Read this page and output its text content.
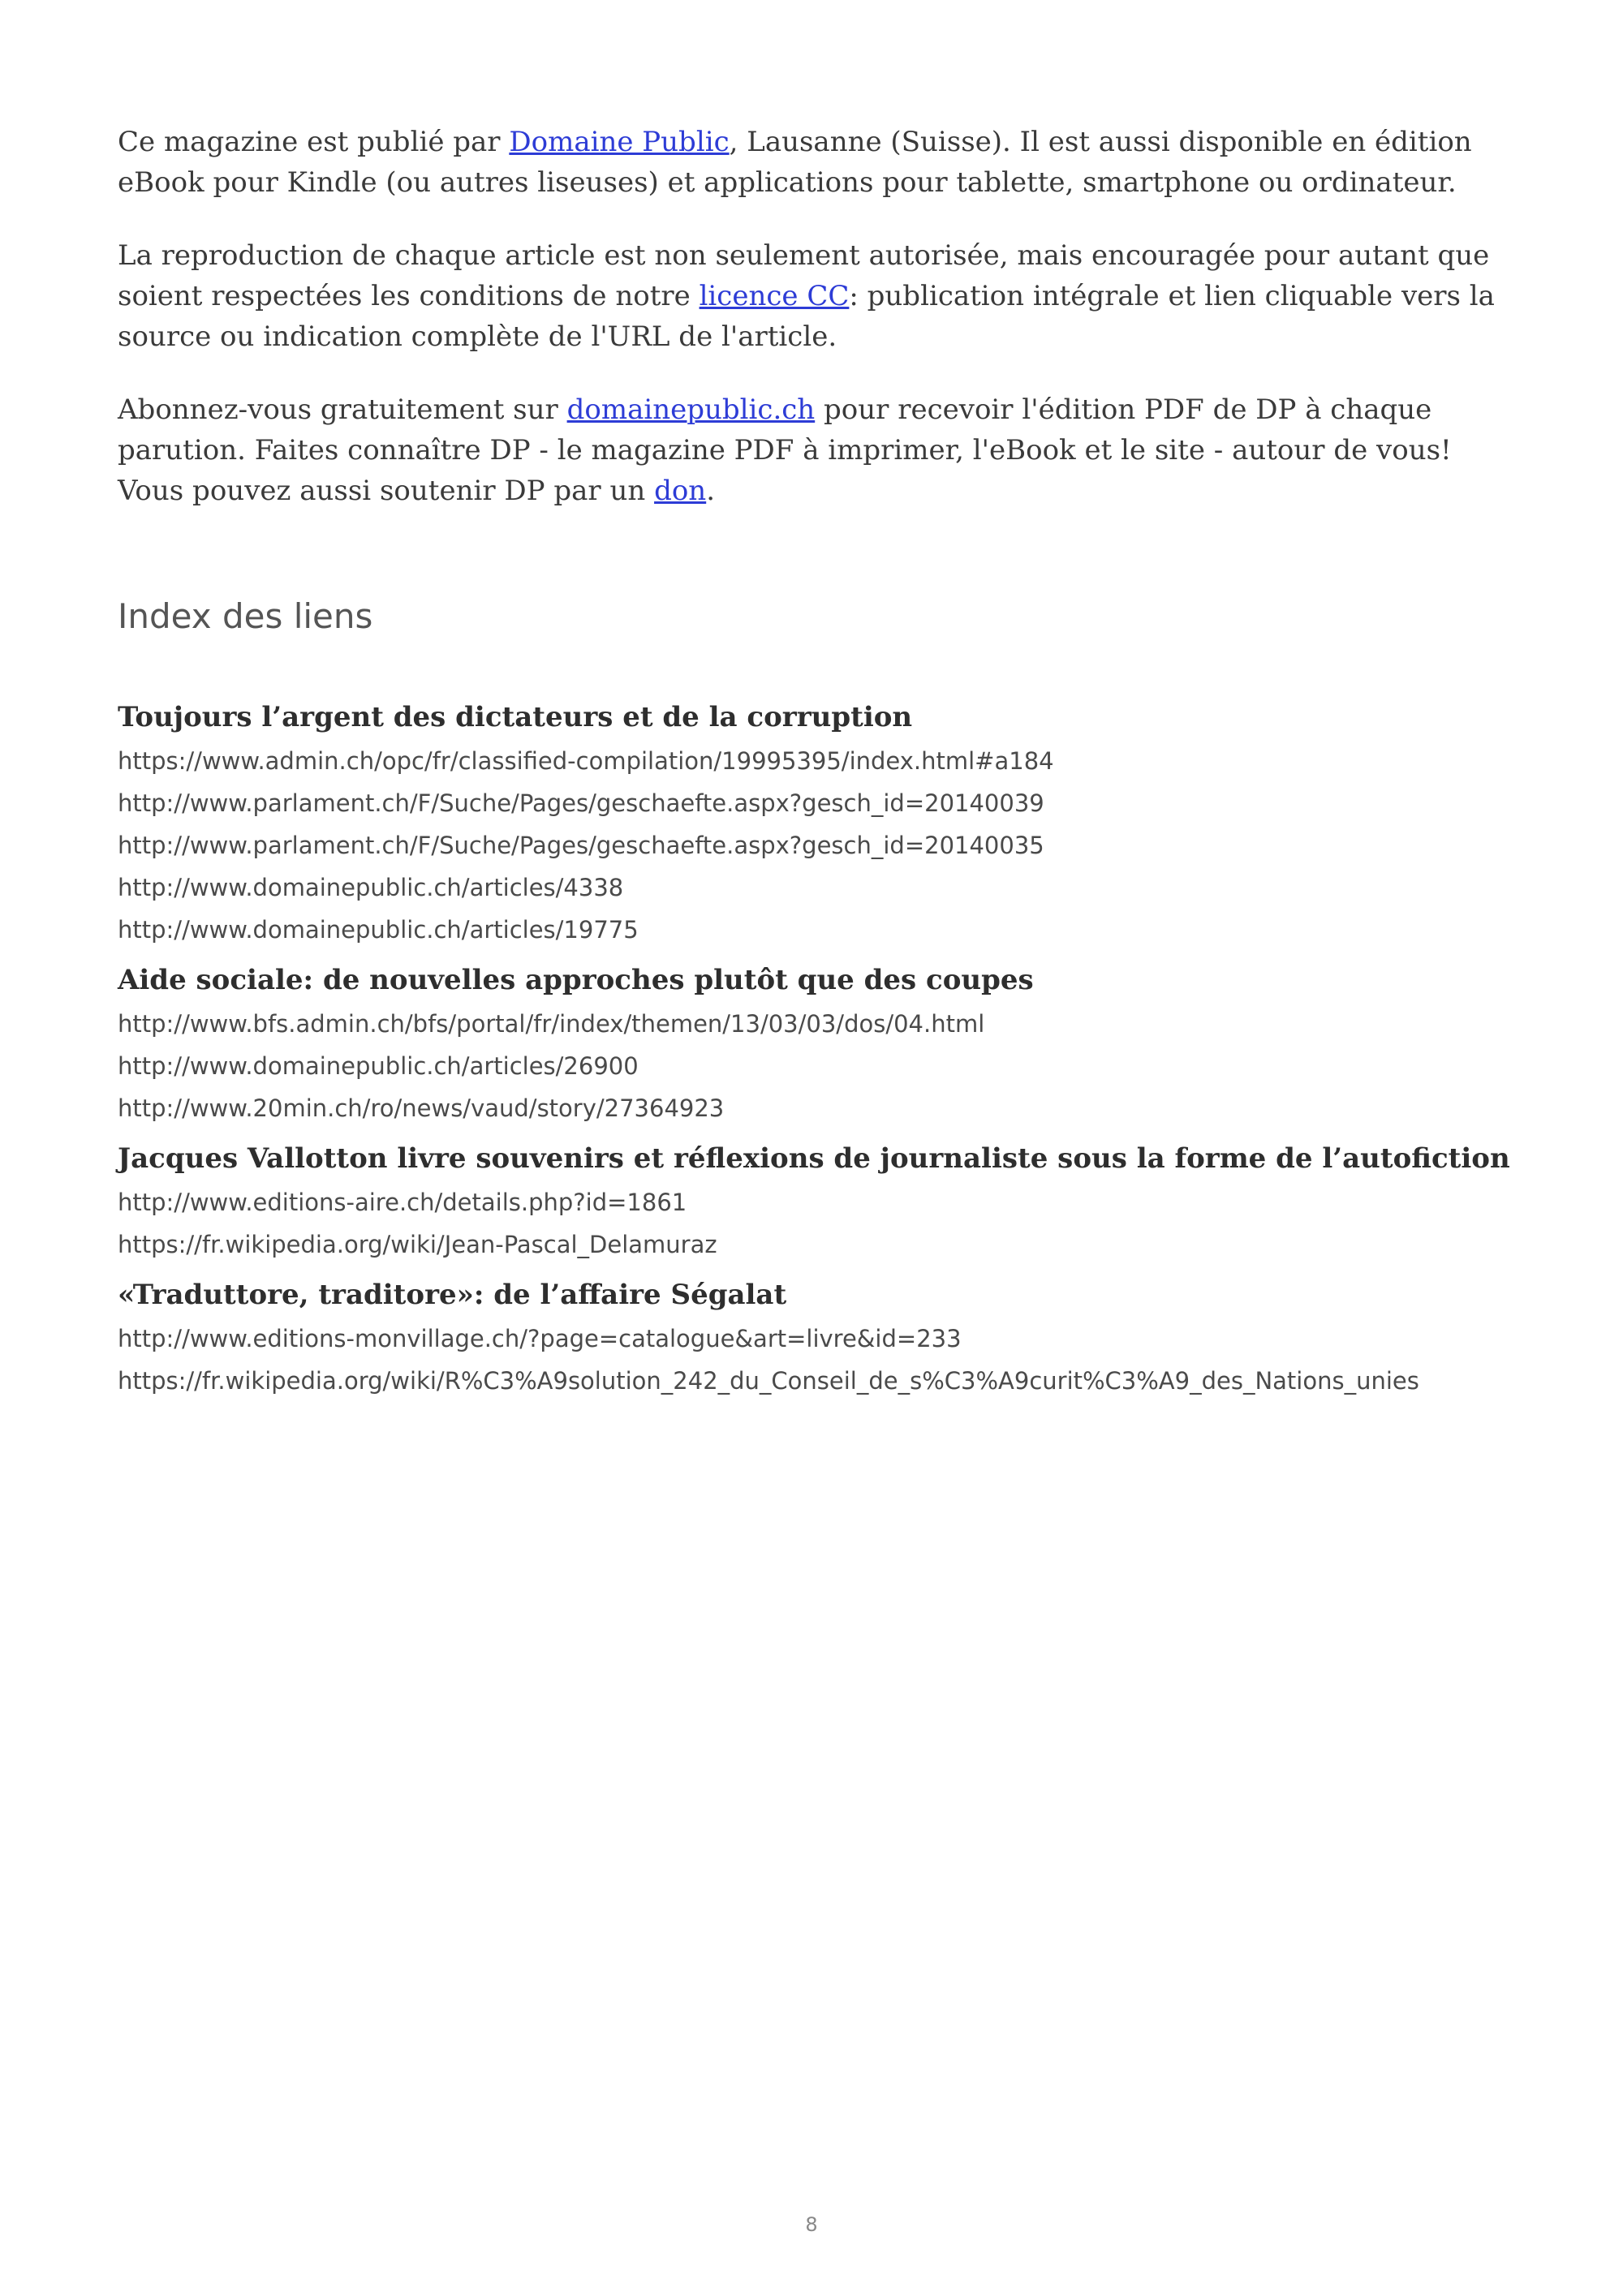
Ce magazine est publié par Domaine Public, Lausanne (Suisse). Il est aussi disponible en édition eBook pour Kindle (ou autres liseuses) et applications pour tablette, smartphone ou ordinateur.

La reproduction de chaque article est non seulement autorisée, mais encouragée pour autant que soient respectées les conditions de notre licence CC: publication intégrale et lien cliquable vers la source ou indication complète de l'URL de l'article.

Abonnez-vous gratuitement sur domainepublic.ch pour recevoir l'édition PDF de DP à chaque parution. Faites connaître DP - le magazine PDF à imprimer, l'eBook et le site - autour de vous! Vous pouvez aussi soutenir DP par un don.

Index des liens

Toujours l’argent des dictateurs et de la corruption

https://www.admin.ch/opc/fr/classified-compilation/19995395/index.html#a184

http://www.parlament.ch/F/Suche/Pages/geschaefte.aspx?gesch_id=20140039

http://www.parlament.ch/F/Suche/Pages/geschaefte.aspx?gesch_id=20140035

http://www.domainepublic.ch/articles/4338

http://www.domainepublic.ch/articles/19775

Aide sociale: de nouvelles approches plutôt que des coupes

http://www.bfs.admin.ch/bfs/portal/fr/index/themen/13/03/03/dos/04.html

http://www.domainepublic.ch/articles/26900

http://www.20min.ch/ro/news/vaud/story/27364923

Jacques Vallotton livre souvenirs et réflexions de journaliste sous la forme de l’autofiction

http://www.editions-aire.ch/details.php?id=1861

https://fr.wikipedia.org/wiki/Jean-Pascal_Delamuraz

«Traduttore, traditore»: de l’affaire Ségalat

http://www.editions-monvillage.ch/?page=catalogue&art=livre&id=233

https://fr.wikipedia.org/wiki/R%C3%A9solution_242_du_Conseil_de_s%C3%A9curit%C3%A9_des_Nations_unies

8
